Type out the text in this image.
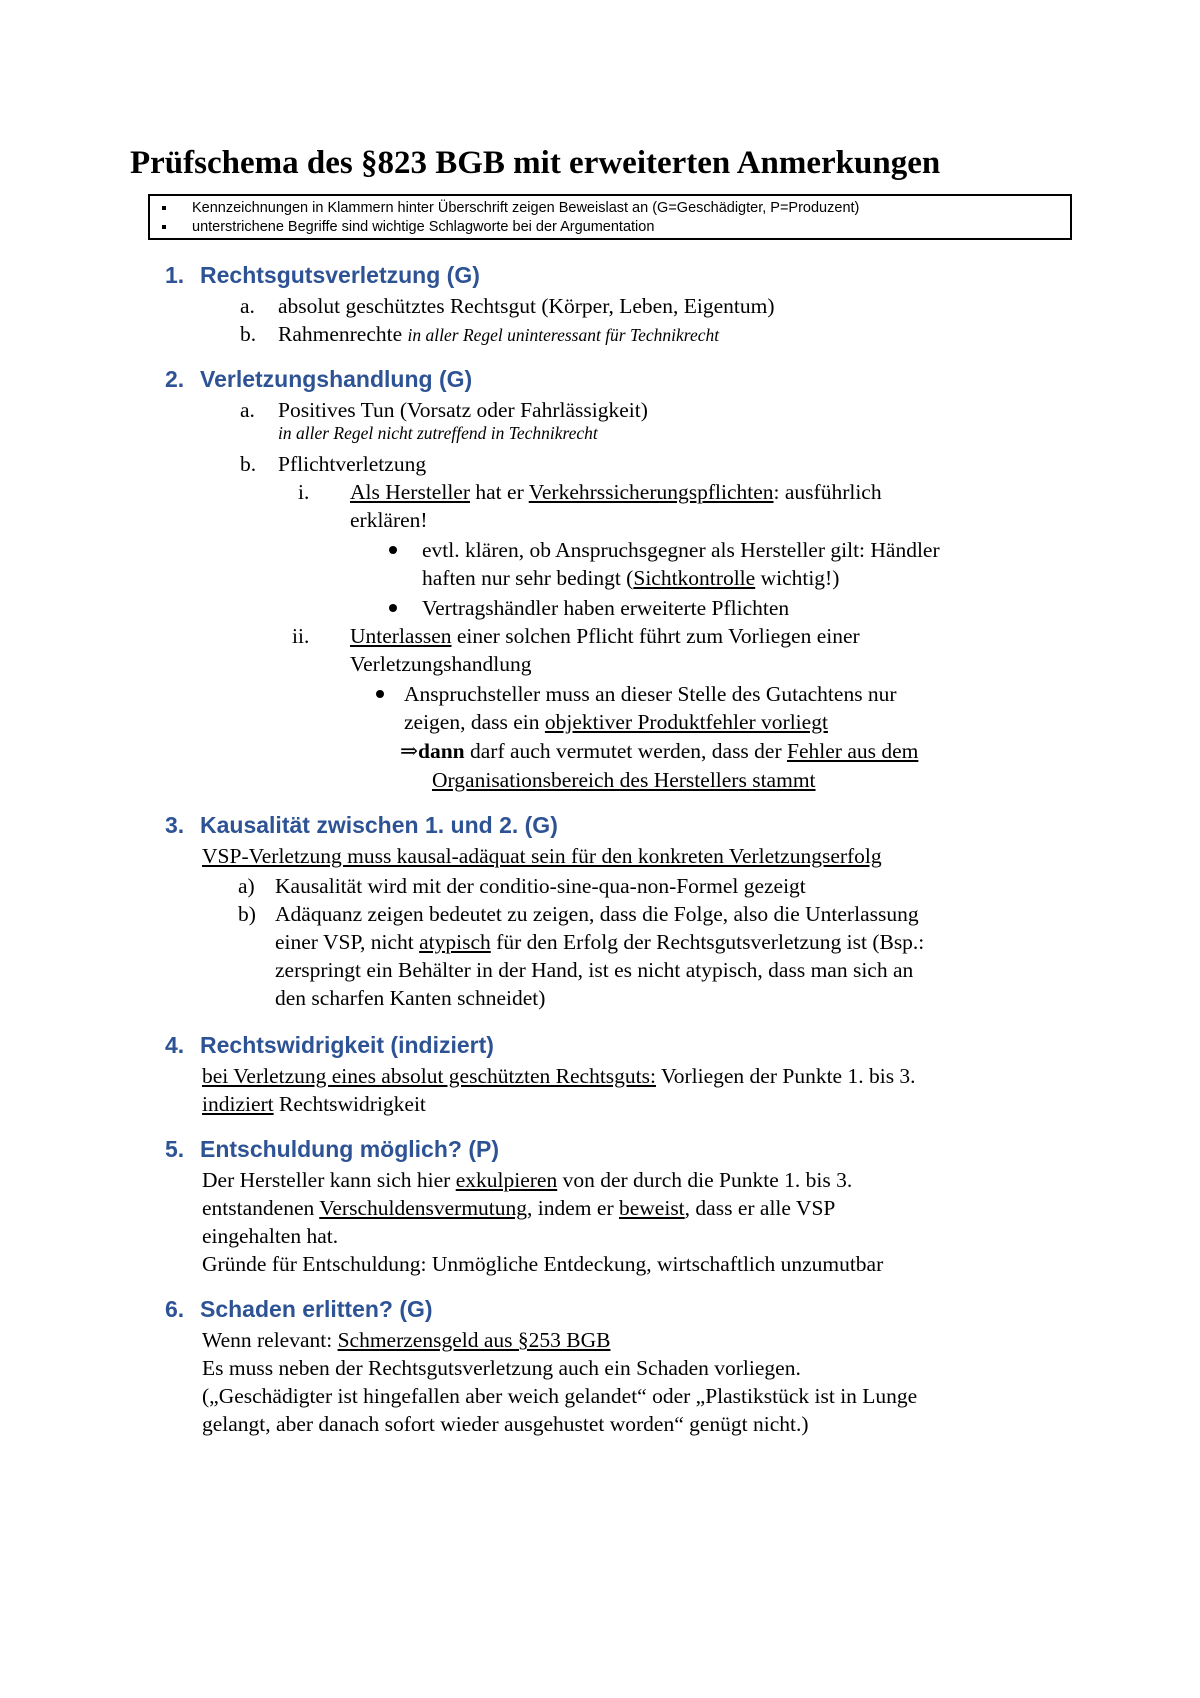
Prüfschema des §823 BGB mit erweiterten Anmerkungen
Kennzeichnungen in Klammern hinter Überschrift zeigen Beweislast an (G=Geschädigter, P=Produzent)
unterstrichene Begriffe sind wichtige Schlagworte bei der Argumentation
1. Rechtsgutsverletzung (G)
a. absolut geschütztes Rechtsgut (Körper, Leben, Eigentum)
b. Rahmenrechte in aller Regel uninteressant für Technikrecht
2. Verletzungshandlung (G)
a. Positives Tun (Vorsatz oder Fahrlässigkeit)
in aller Regel nicht zutreffend in Technikrecht
b. Pflichtverletzung
i. Als Hersteller hat er Verkehrssicherungspflichten: ausführlich
erklären!
evtl. klären, ob Anspruchsgegner als Hersteller gilt: Händler
haften nur sehr bedingt (Sichtkontrolle wichtig!)
Vertragshändler haben erweiterte Pflichten
ii. Unterlassen einer solchen Pflicht führt zum Vorliegen einer
Verletzungshandlung
Anspruchsteller muss an dieser Stelle des Gutachtens nur
zeigen, dass ein objektiver Produktfehler vorliegt
⇒dann darf auch vermutet werden, dass der Fehler aus dem
Organisationsbereich des Herstellers stammt
3. Kausalität zwischen 1. und 2. (G)
VSP-Verletzung muss kausal-adäquat sein für den konkreten Verletzungserfolg
a) Kausalität wird mit der conditio-sine-qua-non-Formel gezeigt
b) Adäquanz zeigen bedeutet zu zeigen, dass die Folge, also die Unterlassung
einer VSP, nicht atypisch für den Erfolg der Rechtsgutsverletzung ist (Bsp.:
zerspringt ein Behälter in der Hand, ist es nicht atypisch, dass man sich an
den scharfen Kanten schneidet)
4. Rechtswidrigkeit (indiziert)
bei Verletzung eines absolut geschützten Rechtsguts: Vorliegen der Punkte 1. bis 3.
indiziert Rechtswidrigkeit
5. Entschuldung möglich? (P)
Der Hersteller kann sich hier exkulpieren von der durch die Punkte 1. bis 3.
entstandenen Verschuldensvermutung, indem er beweist, dass er alle VSP
eingehalten hat.
Gründe für Entschuldung: Unmögliche Entdeckung, wirtschaftlich unzumutbar
6. Schaden erlitten? (G)
Wenn relevant: Schmerzensgeld aus §253 BGB
Es muss neben der Rechtsgutsverletzung auch ein Schaden vorliegen.
(„Geschädigter ist hingefallen aber weich gelandet“ oder „Plastikstück ist in Lunge
gelangt, aber danach sofort wieder ausgehustet worden“ genügt nicht.)
